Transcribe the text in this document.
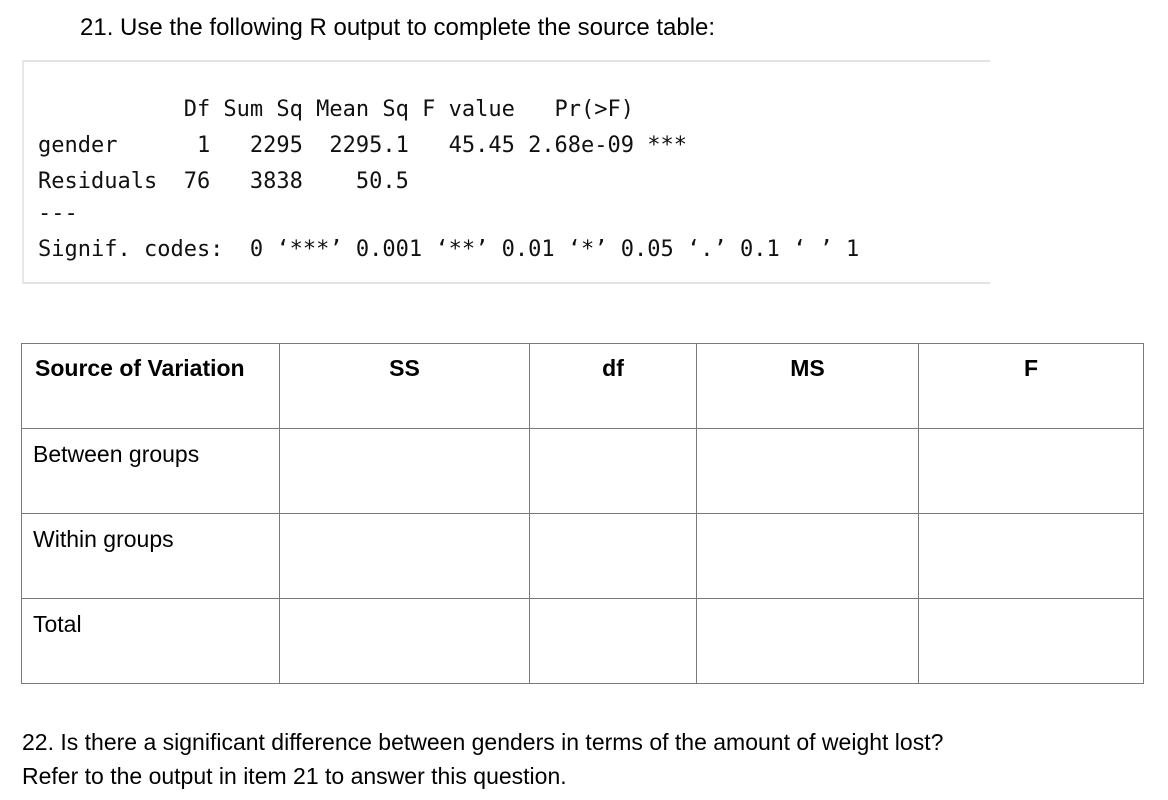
21. Use the following R output to complete the source table:
Df Sum Sq Mean Sq F value   Pr(>F)
gender      1   2295  2295.1   45.45 2.68e-09 ***
Residuals  76   3838    50.5
---
Signif. codes:  0 ‘***’ 0.001 ‘**’ 0.01 ‘*’ 0.05 ‘.’ 0.1 ‘ ’ 1
Source of Variation	SS	df	MS	F

Between groups				

Within groups				

Total				

22. Is there a significant difference between genders in terms of the amount of weight lost?
Refer to the output in item 21 to answer this question.
